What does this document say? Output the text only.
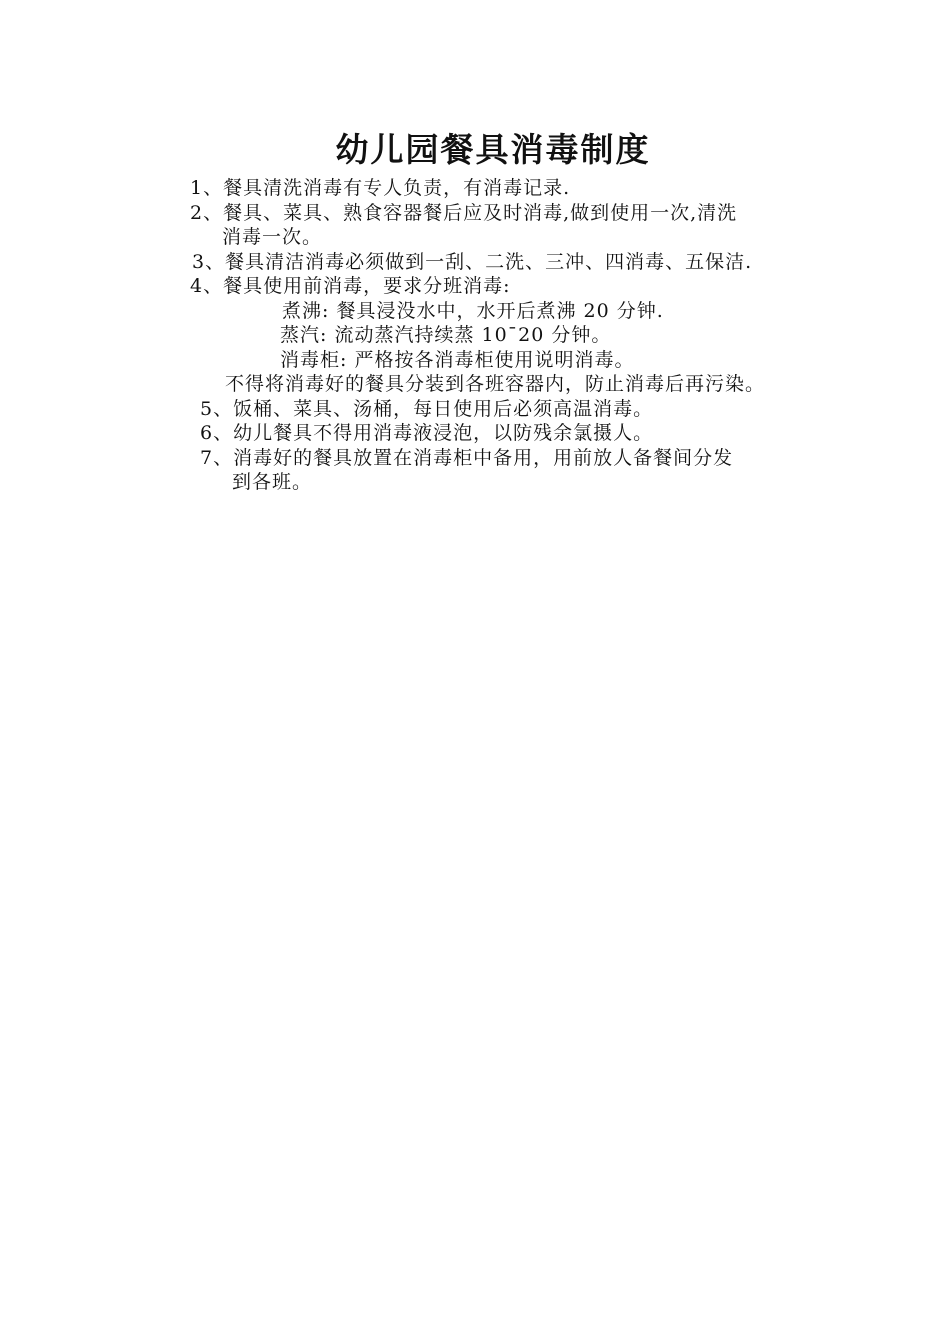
幼儿园餐具消毒制度
1、餐具清洗消毒有专人负责，有消毒记录.
2、餐具、菜具、熟食容器餐后应及时消毒,做到使用一次,清洗
消毒一次。
3、餐具清洁消毒必须做到一刮、二洗、三冲、四消毒、五保洁.
4、餐具使用前消毒，要求分班消毒:
煮沸: 餐具浸没水中，水开后煮沸 20 分钟.
蒸汽: 流动蒸汽持续蒸 10¯20 分钟。
消毒柜: 严格按各消毒柜使用说明消毒。
不得将消毒好的餐具分装到各班容器内，防止消毒后再污染。
5、饭桶、菜具、汤桶，每日使用后必须高温消毒。
6、幼儿餐具不得用消毒液浸泡，以防残余氯摄人。
7、消毒好的餐具放置在消毒柜中备用，用前放人备餐间分发
到各班。
